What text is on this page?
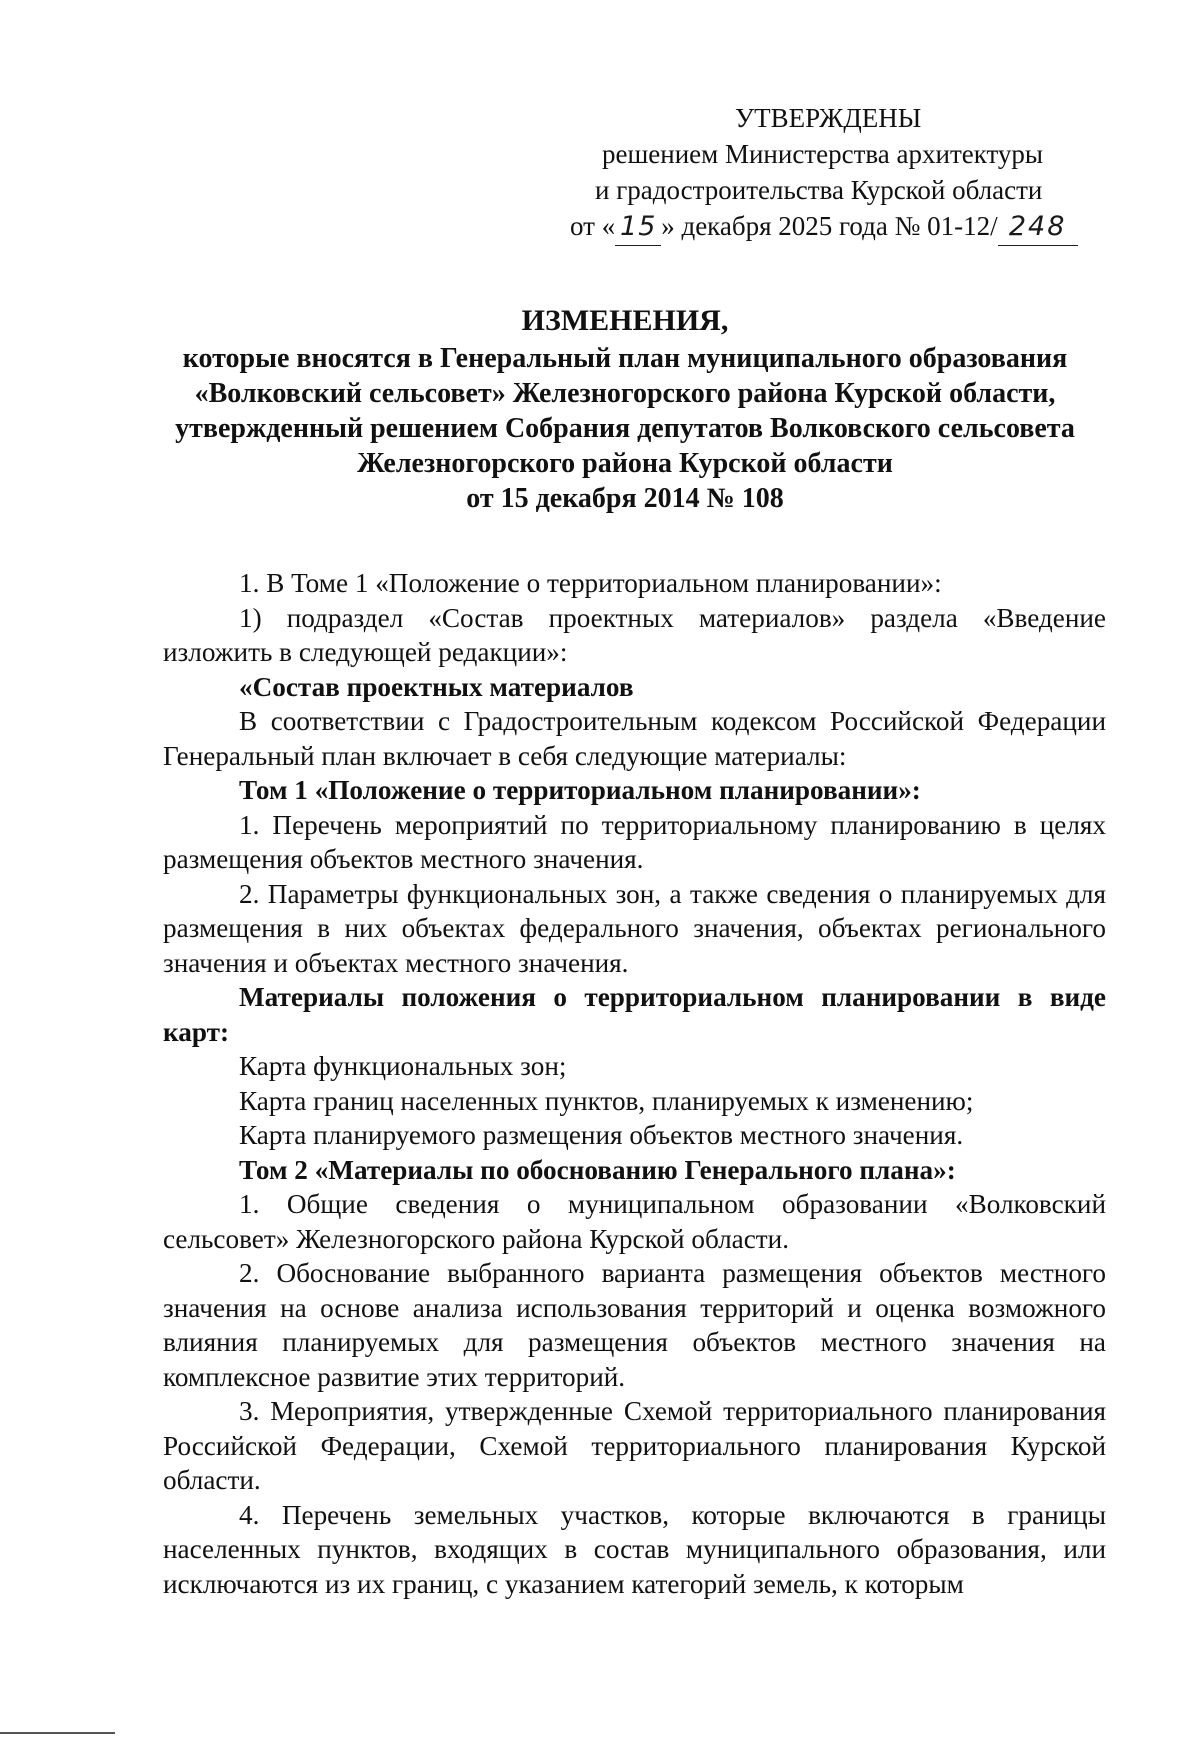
УТВЕРЖДЕНЫ
решением Министерства архитектуры
и градостроительства Курской области
от « 15 » декабря 2025 года № 01-12/ 248
ИЗМЕНЕНИЯ,
которые вносятся в Генеральный план муниципального образования
«Волковский сельсовет» Железногорского района Курской области,
утвержденный решением Собрания депутатов Волковского сельсовета
Железногорского района Курской области
от 15 декабря 2014 № 108

1. В Томе 1 «Положение о территориальном планировании»:

1) подраздел «Состав проектных материалов» раздела «Введение изложить в следующей редакции»:

«Состав проектных материалов

В соответствии с Градостроительным кодексом Российской Федерации Генеральный план включает в себя следующие материалы:

Том 1 «Положение о территориальном планировании»:

1. Перечень мероприятий по территориальному планированию в целях размещения объектов местного значения.

2. Параметры функциональных зон, а также сведения о планируемых для размещения в них объектах федерального значения, объектах регионального значения и объектах местного значения.

Материалы положения о территориальном планировании в виде карт:

Карта функциональных зон;

Карта границ населенных пунктов, планируемых к изменению;

Карта планируемого размещения объектов местного значения.

Том 2 «Материалы по обоснованию Генерального плана»:

1. Общие сведения о муниципальном образовании «Волковский сельсовет» Железногорского района Курской области.

2. Обоснование выбранного варианта размещения объектов местного значения на основе анализа использования территорий и оценка возможного влияния планируемых для размещения объектов местного значения на комплексное развитие этих территорий.

3. Мероприятия, утвержденные Схемой территориального планирования Российской Федерации, Схемой территориального планирования Курской области.

4. Перечень земельных участков, которые включаются в границы населенных пунктов, входящих в состав муниципального образования, или исключаются из их границ, с указанием категорий земель, к которым
